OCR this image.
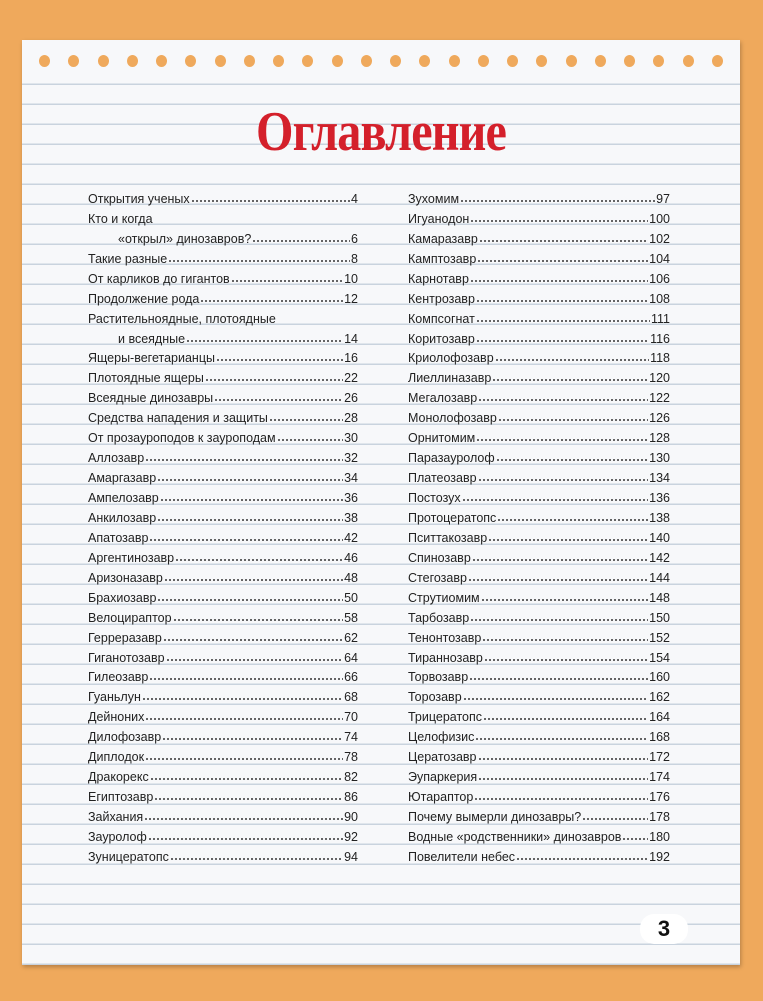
Оглавление
Открытия ученых	4
Кто и когда
«открыл» динозавров?	6
Такие разные	8
От карликов до гигантов	10
Продолжение рода	12
Растительноядные, плотоядные
и всеядные	14
Ящеры-вегетарианцы	16
Плотоядные ящеры	22
Всеядные динозавры	26
Средства нападения и защиты	28
От прозауроподов к зауроподам	30
Аллозавр	32
Амаргазавр	34
Ампелозавр	36
Анкилозавр	38
Апатозавр	42
Аргентинозавр	46
Аризоназавр	48
Брахиозавр	50
Велоцираптор	58
Герреразавр	62
Гиганотозавр	64
Гилеозавр	66
Гуаньлун	68
Дейноних	70
Дилофозавр	74
Диплодок	78
Дракорекс	82
Египтозавр	86
Зайхания	90
Зауролоф	92
Зуницератопс	94
Зухомим	97
Игуанодон	100
Камаразавр	102
Камптозавр	104
Карнотавр	106
Кентрозавр	108
Компсогнат	111
Коритозавр	116
Криолофозавр	118
Лиеллиназавр	120
Мегалозавр	122
Монолофозавр	126
Орнитомим	128
Паразауролоф	130
Платеозавр	134
Постозух	136
Протоцератопс	138
Пситтакозавр	140
Спинозавр	142
Стегозавр	144
Струтиомим	148
Тарбозавр	150
Тенонтозавр	152
Тираннозавр	154
Торвозавр	160
Торозавр	162
Трицератопс	164
Целофизис	168
Цератозавр	172
Эупаркерия	174
Ютараптор	176
Почему вымерли динозавры?	178
Водные «родственники» динозавров 180
Повелители небес	192
3
